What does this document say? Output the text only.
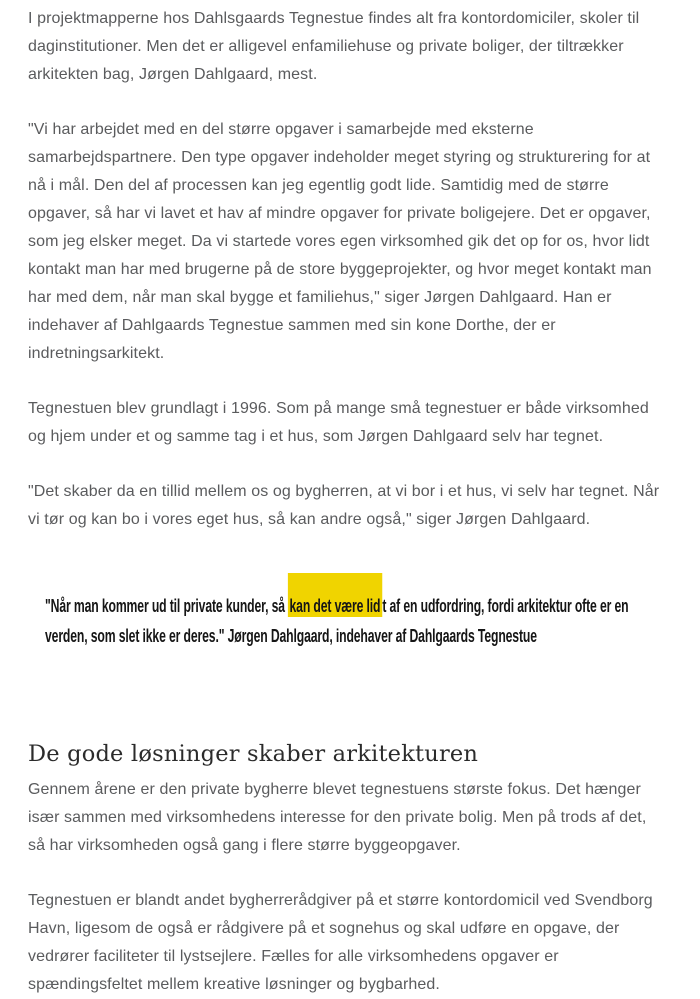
I projektmapperne hos Dahlsgaards Tegnestue findes alt fra kontordomiciler, skoler til daginstitutioner. Men det er alligevel enfamiliehuse og private boliger, der tiltrækker arkitekten bag, Jørgen Dahlgaard, mest.

"Vi har arbejdet med en del større opgaver i samarbejde med eksterne samarbejdspartnere. Den type opgaver indeholder meget styring og strukturering for at nå i mål. Den del af processen kan jeg egentlig godt lide. Samtidig med de større opgaver, så har vi lavet et hav af mindre opgaver for private boligejere. Det er opgaver, som jeg elsker meget. Da vi startede vores egen virksomhed gik det op for os, hvor lidt kontakt man har med brugerne på de store byggeprojekter, og hvor meget kontakt man har med dem, når man skal bygge et familiehus," siger Jørgen Dahlgaard. Han er indehaver af Dahlgaards Tegnestue sammen med sin kone Dorthe, der er indretningsarkitekt.

Tegnestuen blev grundlagt i 1996. Som på mange små tegnestuer er både virksomhed og hjem under et og samme tag i et hus, som Jørgen Dahlgaard selv har tegnet.

"Det skaber da en tillid mellem os og bygherren, at vi bor i et hus, vi selv har tegnet. Når vi tør og kan bo i vores eget hus, så kan andre også," siger Jørgen Dahlgaard.

"Når man kommer ud til private kunder, så kan det være lid t af en udfordring, fordi arkitektur ofte er en
verden, som slet ikke er deres." Jørgen Dahlgaard, indehaver af Dahlgaards Tegnestue
De gode løsninger skaber arkitekturen

Gennem årene er den private bygherre blevet tegnestuens største fokus. Det hænger især sammen med virksomhedens interesse for den private bolig. Men på trods af det, så har virksomheden også gang i flere større byggeopgaver.

Tegnestuen er blandt andet bygherrerådgiver på et større kontordomicil ved Svendborg Havn, ligesom de også er rådgivere på et sognehus og skal udføre en opgave, der vedrører faciliteter til lystsejlere. Fælles for alle virksomhedens opgaver er spændingsfeltet mellem kreative løsninger og bygbarhed.
